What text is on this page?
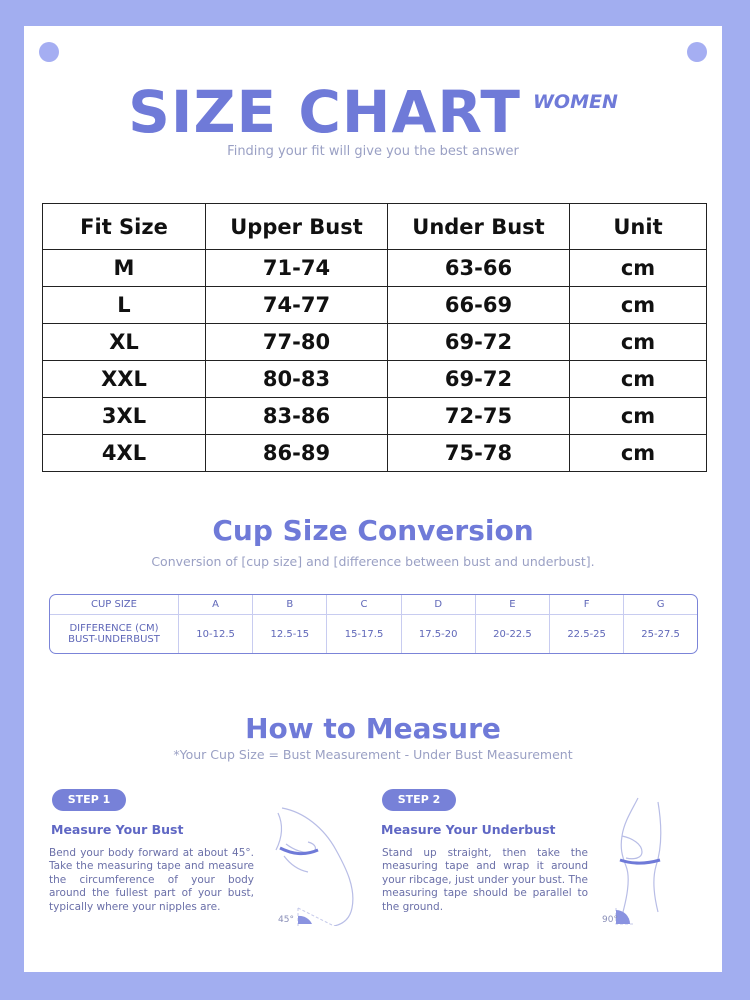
SIZE CHART WOMEN
Finding your fit will give you the best answer
Fit Size	Upper Bust	Under Bust	Unit
M	71-74	63-66	cm
L	74-77	66-69	cm
XL	77-80	69-72	cm
XXL	80-83	69-72	cm
3XL	83-86	72-75	cm
4XL	86-89	75-78	cm
Cup Size Conversion
Conversion of [cup size] and [difference between bust and underbust].
CUP SIZE	A	B	C	D	E	F	G
DIFFERENCE (CM)
BUST-UNDERBUST	10-12.5	12.5-15	15-17.5	17.5-20	20-22.5	22.5-25	25-27.5
How to Measure
*Your Cup Size = Bust Measurement - Under Bust Measurement
STEP 1
Measure Your Bust
Bend your body forward at about 45°. Take the measuring tape and measure the circumference of your body around the fullest part of your bust, typically where your nipples are.
45°
STEP 2
Measure Your Underbust
Stand up straight, then take the measuring tape and wrap it around your ribcage, just under your bust. The measuring tape should be parallel to the ground.
90°
